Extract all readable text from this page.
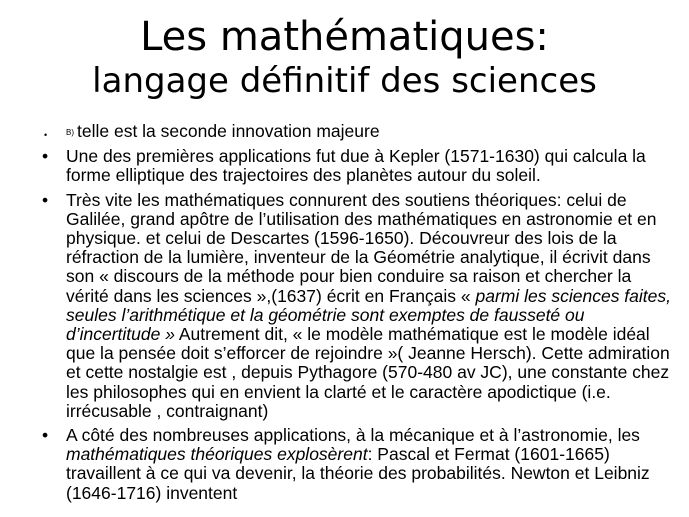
Les mathématiques:
langage définitif des sciences
• B) telle est la seconde innovation majeure
• Une des premières applications fut due à Kepler (1571-1630) qui calcula la forme elliptique des trajectoires des planètes autour du soleil.
• Très vite les mathématiques connurent des soutiens théoriques: celui de Galilée, grand apôtre de l’utilisation des mathématiques en astronomie et en physique. et celui de Descartes (1596-1650). Découvreur des lois de la réfraction de la lumière, inventeur de la Géométrie analytique, il écrivit dans son « discours de la méthode pour bien conduire sa raison et chercher la vérité dans les sciences »,(1637) écrit en Français « parmi les sciences faites, seules l’arithmétique et la géométrie sont exemptes de fausseté ou d’incertitude » Autrement dit, « le modèle mathématique est le modèle idéal que la pensée doit s’efforcer de rejoindre »( Jeanne Hersch). Cette admiration et cette nostalgie est , depuis Pythagore (570-480 av JC), une constante chez les philosophes qui en envient la clarté et le caractère apodictique (i.e. irrécusable , contraignant)
• A côté des nombreuses applications, à la mécanique et à l’astronomie, les mathématiques théoriques explosèrent: Pascal et Fermat (1601-1665) travaillent à ce qui va devenir, la théorie des probabilités. Newton et Leibniz (1646-1716) inventent
